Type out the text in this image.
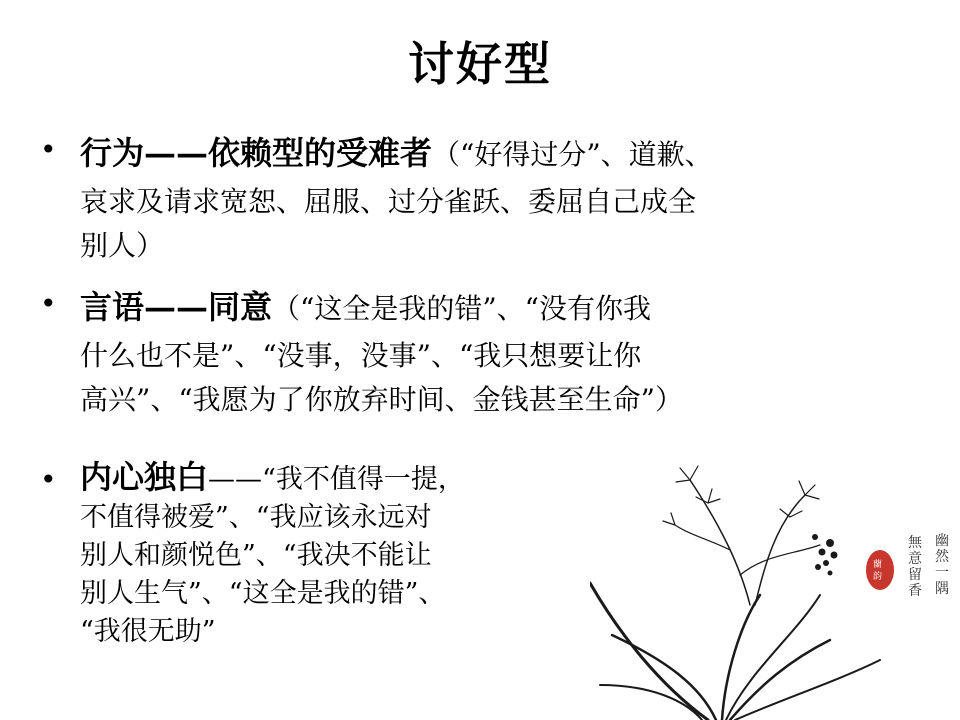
讨好型
• 行为——依赖型的受难者（“好得过分”、道歉、
哀求及请求宽恕、屈服、过分雀跃、委屈自己成全
别人）
• 言语——同意（“这全是我的错”、“没有你我
什么也不是”、“没事，没事”、“我只想要让你
高兴”、“我愿为了你放弃时间、金钱甚至生命”）
• 内心独白——“我不值得一提，
不值得被爱”、“我应该永远对
别人和颜悦色”、“我决不能让
别人生气”、“这全是我的错”、
“我很无助”
幽
然
一
隅
無
意
留
香
蘭
韵
